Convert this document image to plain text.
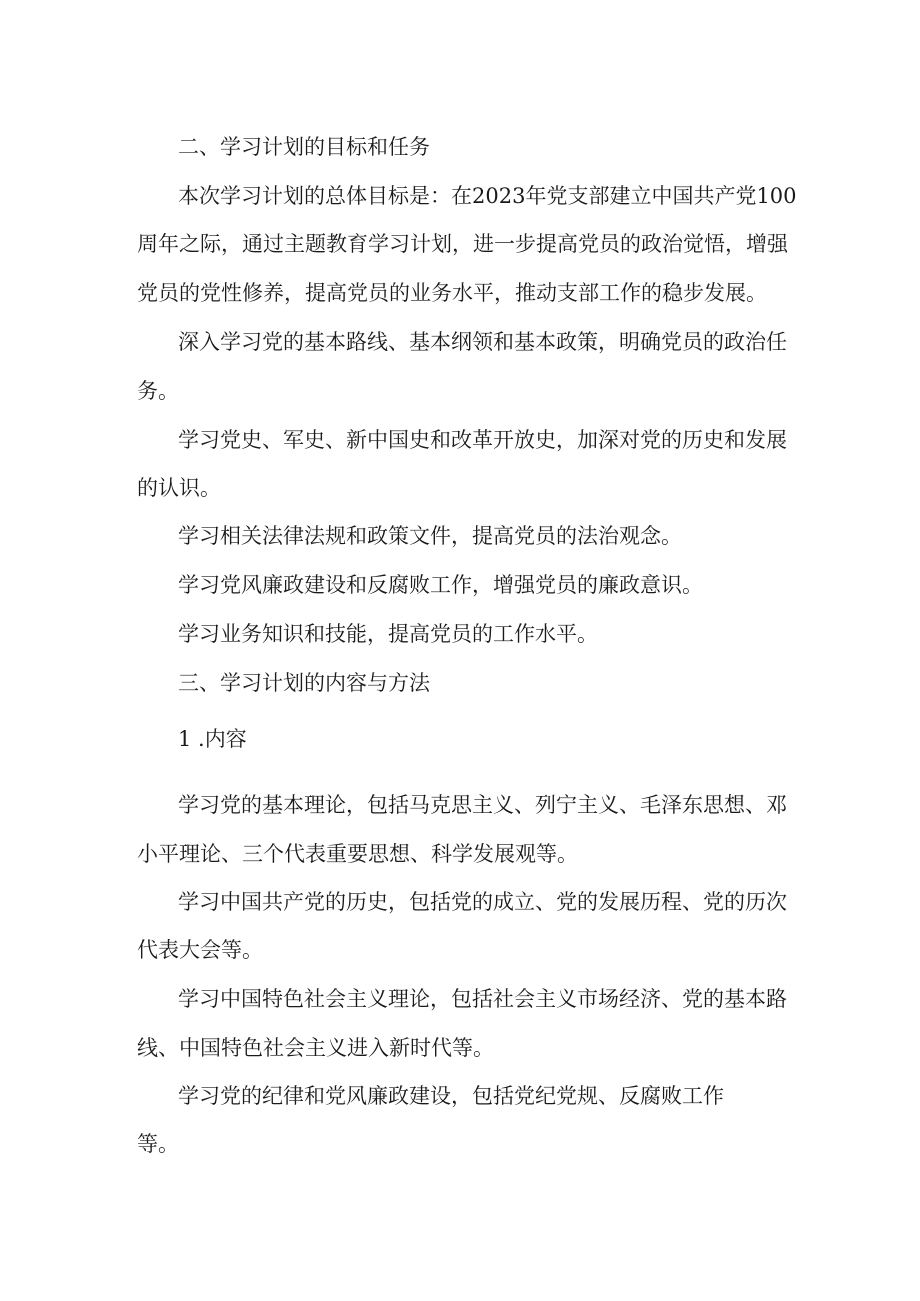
二、学习计划的目标和任务

本次学习计划的总体目标是：在2023年党支部建立中国共产党100

周年之际，通过主题教育学习计划，进一步提高党员的政治觉悟，增强

党员的党性修养，提高党员的业务水平，推动支部工作的稳步发展。

深入学习党的基本路线、基本纲领和基本政策，明确党员的政治任

务。

学习党史、军史、新中国史和改革开放史，加深对党的历史和发展

的认识。

学习相关法律法规和政策文件，提高党员的法治观念。

学习党风廉政建设和反腐败工作，增强党员的廉政意识。

学习业务知识和技能，提高党员的工作水平。

三、学习计划的内容与方法

1 .内容

学习党的基本理论，包括马克思主义、列宁主义、毛泽东思想、邓

小平理论、三个代表重要思想、科学发展观等。

学习中国共产党的历史，包括党的成立、党的发展历程、党的历次

代表大会等。

学习中国特色社会主义理论，包括社会主义市场经济、党的基本路

线、中国特色社会主义进入新时代等。

学习党的纪律和党风廉政建设，包括党纪党规、反腐败工作

等。
